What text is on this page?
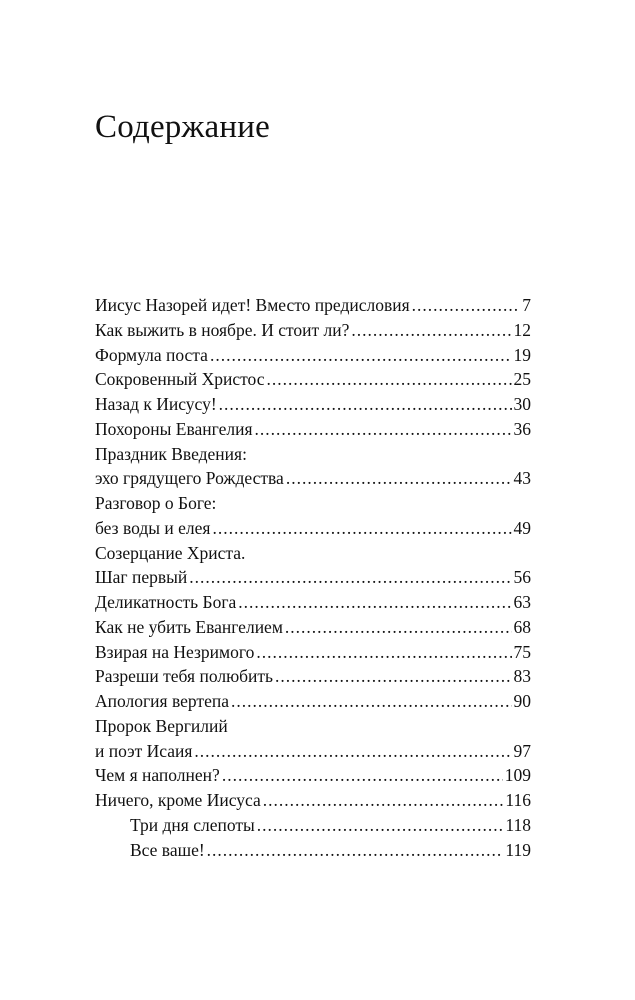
Содержание
Иисус Назорей идет! Вместо предисловия .....	7
Как выжить в ноябре. И стоит ли? .....	12
Формула поста .....	19
Сокровенный Христос .....	25
Назад к Иисусу! .....	30
Похороны Евангелия .....	36
Праздник Введения:
эхо грядущего Рождества .....	43
Разговор о Боге:
без воды и елея .....	49
Созерцание Христа.
Шаг первый .....	56
Деликатность Бога .....	63
Как не убить Евангелием .....	68
Взирая на Незримого .....	75
Разреши тебя полюбить .....	83
Апология вертепа .....	90
Пророк Вергилий
и поэт Исаия .....	97
Чем я наполнен? .....	109
Ничего, кроме Иисуса .....	116
Три дня слепоты .....	118
Все ваше! .....	119
